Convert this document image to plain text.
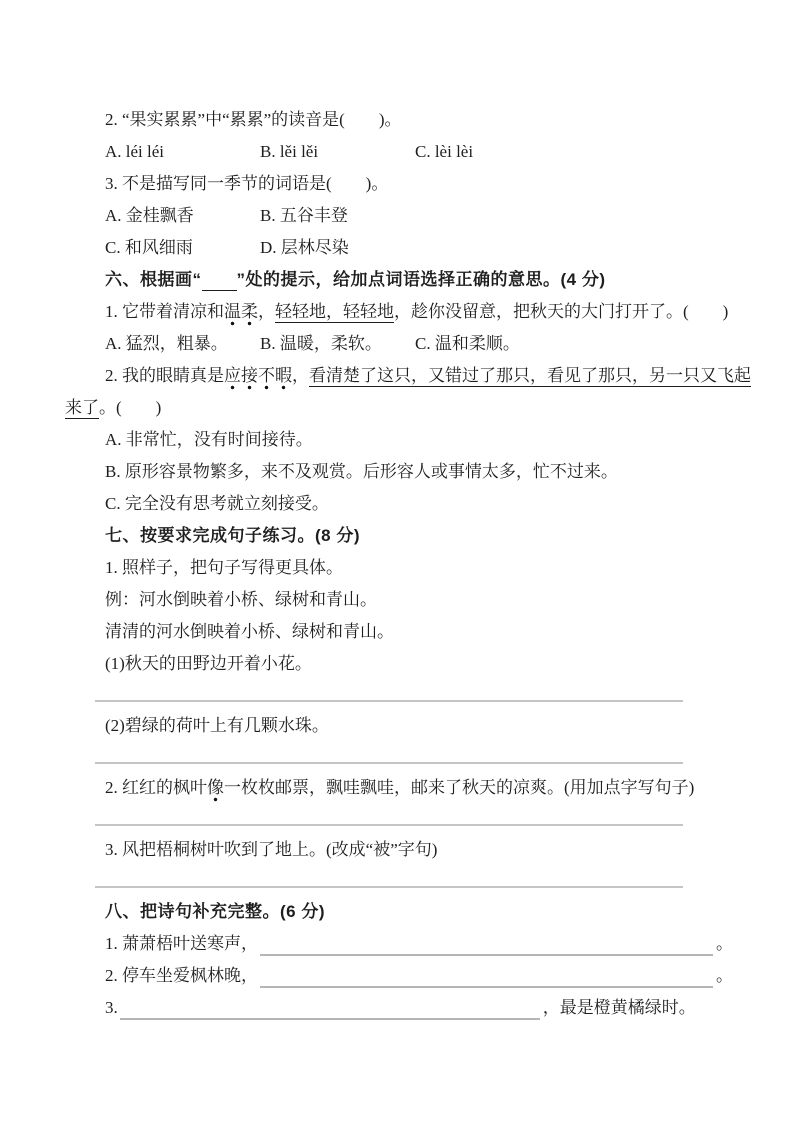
2. “果实累累”中“累累”的读音是(　　)。
A. léi léi	B. lěi lěi	C. lèi lèi
3. 不是描写同一季节的词语是(　　)。
A. 金桂飘香	B. 五谷丰登
C. 和风细雨	D. 层林尽染
六、根据画“　　 ”处的提示，给加点词语选择正确的意思。(4 分)
1. 它带着清凉和温柔，轻轻地，轻轻地，趁你没留意，把秋天的大门打开了。(　　)
A. 猛烈，粗暴。 B. 温暖，柔软。 C. 温和柔顺。
2. 我的眼睛真是应接不暇，看清楚了这只，又错过了那只，看见了那只，另一只又飞起
来了。(　　)
A. 非常忙，没有时间接待。
B. 原形容景物繁多，来不及观赏。后形容人或事情太多，忙不过来。
C. 完全没有思考就立刻接受。
七、按要求完成句子练习。(8 分)
1. 照样子，把句子写得更具体。
例：河水倒映着小桥、绿树和青山。
清清的河水倒映着小桥、绿树和青山。
(1)秋天的田野边开着小花。
(2)碧绿的荷叶上有几颗水珠。
2. 红红的枫叶像一枚枚邮票，飘哇飘哇，邮来了秋天的凉爽。(用加点字写句子)
3. 风把梧桐树叶吹到了地上。(改成“被”字句)
八、把诗句补充完整。(6 分)
1. 萧萧梧叶送寒声，	。
2. 停车坐爱枫林晚，	。
3.	，最是橙黄橘绿时。
